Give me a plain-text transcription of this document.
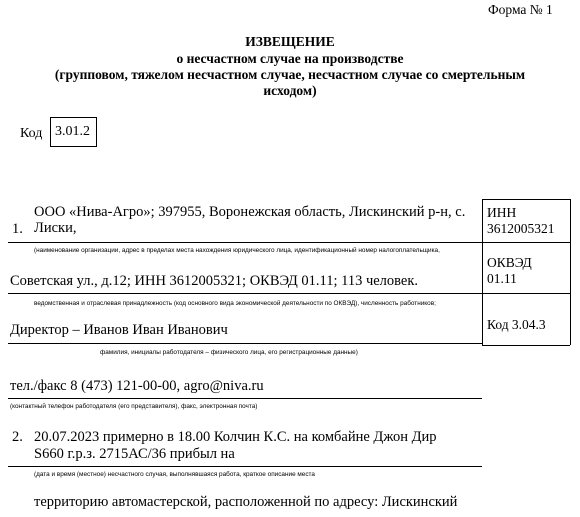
Форма № 1
ИЗВЕЩЕНИЕ
о несчастном случае на производстве
(групповом, тяжелом несчастном случае, несчастном случае со смертельным
исходом)
Код 3.01.2
1.
ООО «Нива-Агро»; 397955, Воронежская область, Лискинский р-н, с.
Лиски,
(наименование организации, адрес в пределах места нахождения юридического лица, идентификационный номер налогоплательщика,
Советская ул., д.12; ИНН 3612005321; ОКВЭД 01.11; 113 человек.
ведомственная и отраслевая принадлежность (код основного вида экономической деятельности по ОКВЭД), численность работников;
Директор – Иванов Иван Иванович
фамилия, инициалы работодателя – физического лица, его регистрационные данные)
тел./факс 8 (473) 121-00-00, agro@niva.ru
(контактный телефон работодателя (его представителя), факс, электронная почта)
ИНН
3612005321
ОКВЭД
01.11
Код 3.04.3
2. 20.07.2023 примерно в 18.00 Колчин К.С. на комбайне Джон Дир
S660 г.р.з. 2715АС/36 прибыл на
(дата и время (местное) несчастного случая, выполнявшаяся работа, краткое описание места
территорию автомастерской, расположенной по адресу: Лискинский
